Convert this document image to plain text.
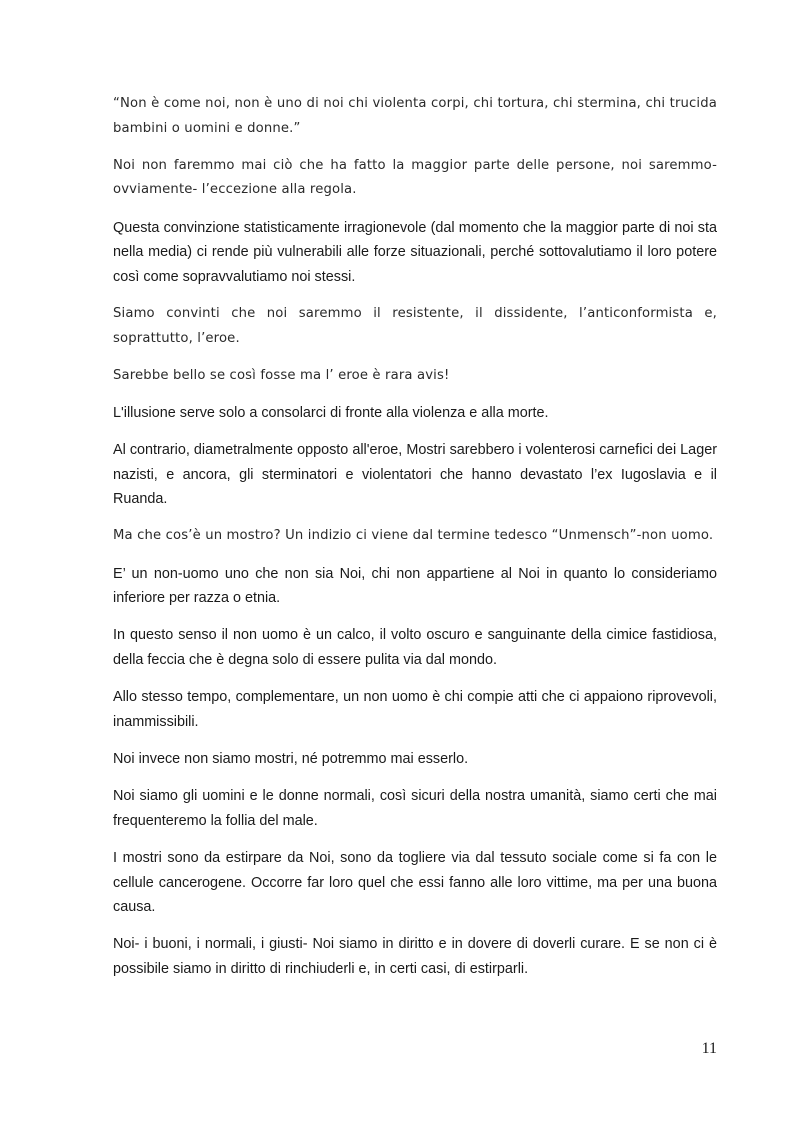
“Non è come noi, non è uno di noi chi violenta corpi, chi tortura, chi stermina, chi trucida bambini o uomini e donne.”

Noi non faremmo mai ciò che ha fatto la maggior parte delle persone, noi saremmo- ovviamente- l’eccezione alla regola.

Questa convinzione statisticamente irragionevole (dal momento che la maggior parte di noi sta nella media) ci rende più vulnerabili alle forze situazionali, perché sottovalutiamo il loro potere così come sopravvalutiamo noi stessi.

Siamo convinti che noi saremmo il resistente, il dissidente, l’anticonformista e, soprattutto, l’eroe.

Sarebbe bello se così fosse ma l’ eroe è rara avis!

L'illusione serve solo a consolarci di fronte alla violenza e alla morte.

Al contrario, diametralmente opposto all'eroe, Mostri sarebbero i volenterosi carnefici dei Lager nazisti, e ancora, gli sterminatori e violentatori che hanno devastato l’ex Iugoslavia e il Ruanda.

Ma che cos’è un mostro? Un indizio ci viene dal termine tedesco “Unmensch”-non uomo.

E’ un non-uomo uno che non sia Noi, chi non appartiene al Noi in quanto lo consideriamo inferiore per razza o etnia.

In questo senso il non uomo è un calco, il volto oscuro e sanguinante della cimice fastidiosa, della feccia che è degna solo di essere pulita via dal mondo.

Allo stesso tempo, complementare, un non uomo è chi compie atti che ci appaiono riprovevoli, inammissibili.

Noi invece non siamo mostri, né potremmo mai esserlo.

Noi siamo gli uomini e le donne normali, così sicuri della nostra umanità, siamo certi che mai frequenteremo la follia del male.

I mostri sono da estirpare da Noi, sono da togliere via dal tessuto sociale come si fa con le cellule cancerogene. Occorre far loro quel che essi fanno alle loro vittime, ma per una buona causa.

Noi- i buoni, i normali, i giusti- Noi siamo in diritto e in dovere di doverli curare. E se non ci è possibile siamo in diritto di rinchiuderli e, in certi casi, di estirparli.

11
